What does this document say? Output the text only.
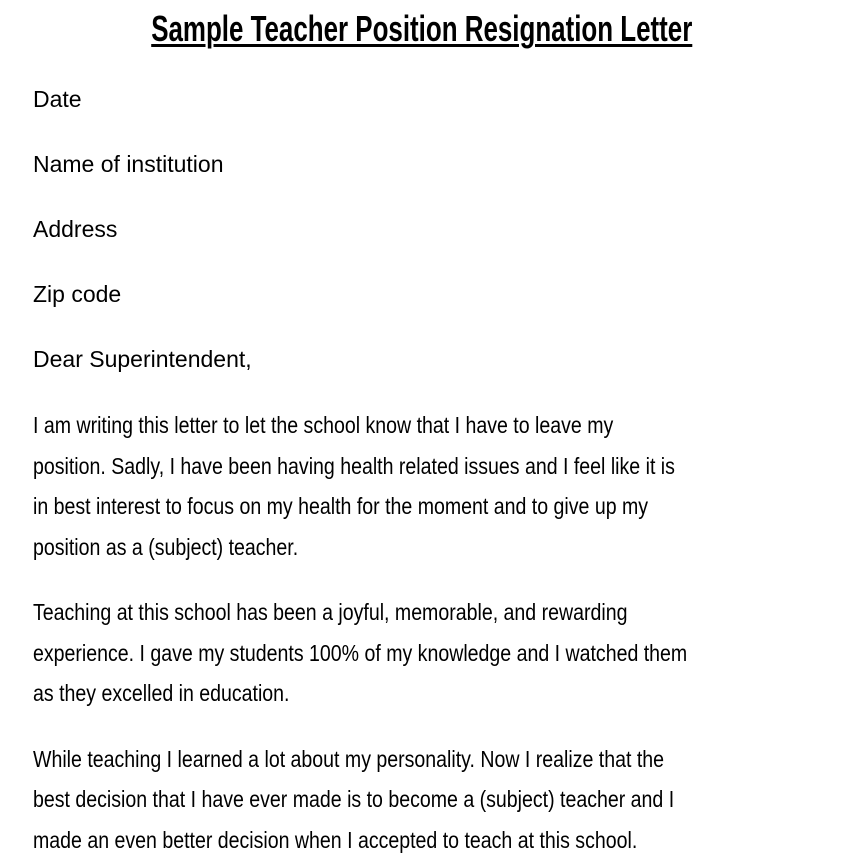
Sample Teacher Position Resignation Letter
Date
Name of institution
Address
Zip code
Dear Superintendent,
I am writing this letter to let the school know that I have to leave my
position. Sadly, I have been having health related issues and I feel like it is
in best interest to focus on my health for the moment and to give up my
position as a (subject) teacher.
Teaching at this school has been a joyful, memorable, and rewarding
experience. I gave my students 100% of my knowledge and I watched them
as they excelled in education.
While teaching I learned a lot about my personality. Now I realize that the
best decision that I have ever made is to become a (subject) teacher and I
made an even better decision when I accepted to teach at this school.
